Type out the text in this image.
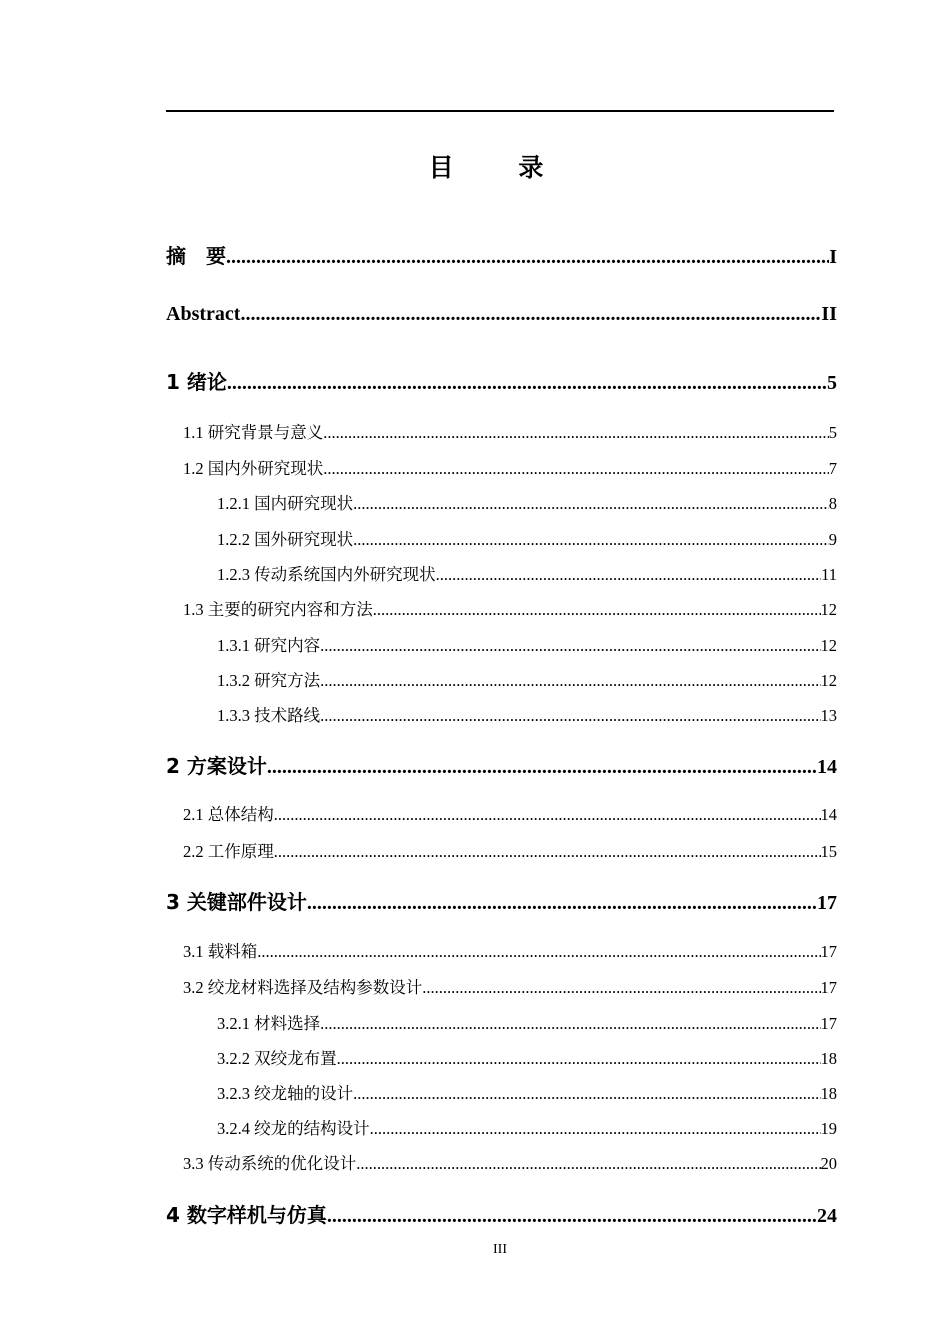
目 录
摘　要 .....	I
Abstract .....	II
1 绪论 .....	5
1.1 研究背景与意义 .....	5
1.2 国内外研究现状 .....	7
1.2.1 国内研究现状 .....	8
1.2.2 国外研究现状 .....	9
1.2.3 传动系统国内外研究现状 .....	11
1.3 主要的研究内容和方法 .....	12
1.3.1 研究内容 .....	12
1.3.2 研究方法 .....	12
1.3.3 技术路线 .....	13
2 方案设计 .....	14
2.1 总体结构 .....	14
2.2 工作原理 .....	15
3 关键部件设计 .....	17
3.1 载料箱 .....	17
3.2 绞龙材料选择及结构参数设计 .....	17
3.2.1 材料选择 .....	17
3.2.2 双绞龙布置 .....	18
3.2.3 绞龙轴的设计 .....	18
3.2.4 绞龙的结构设计 .....	19
3.3 传动系统的优化设计 .....	20
4 数字样机与仿真 .....	24
III
